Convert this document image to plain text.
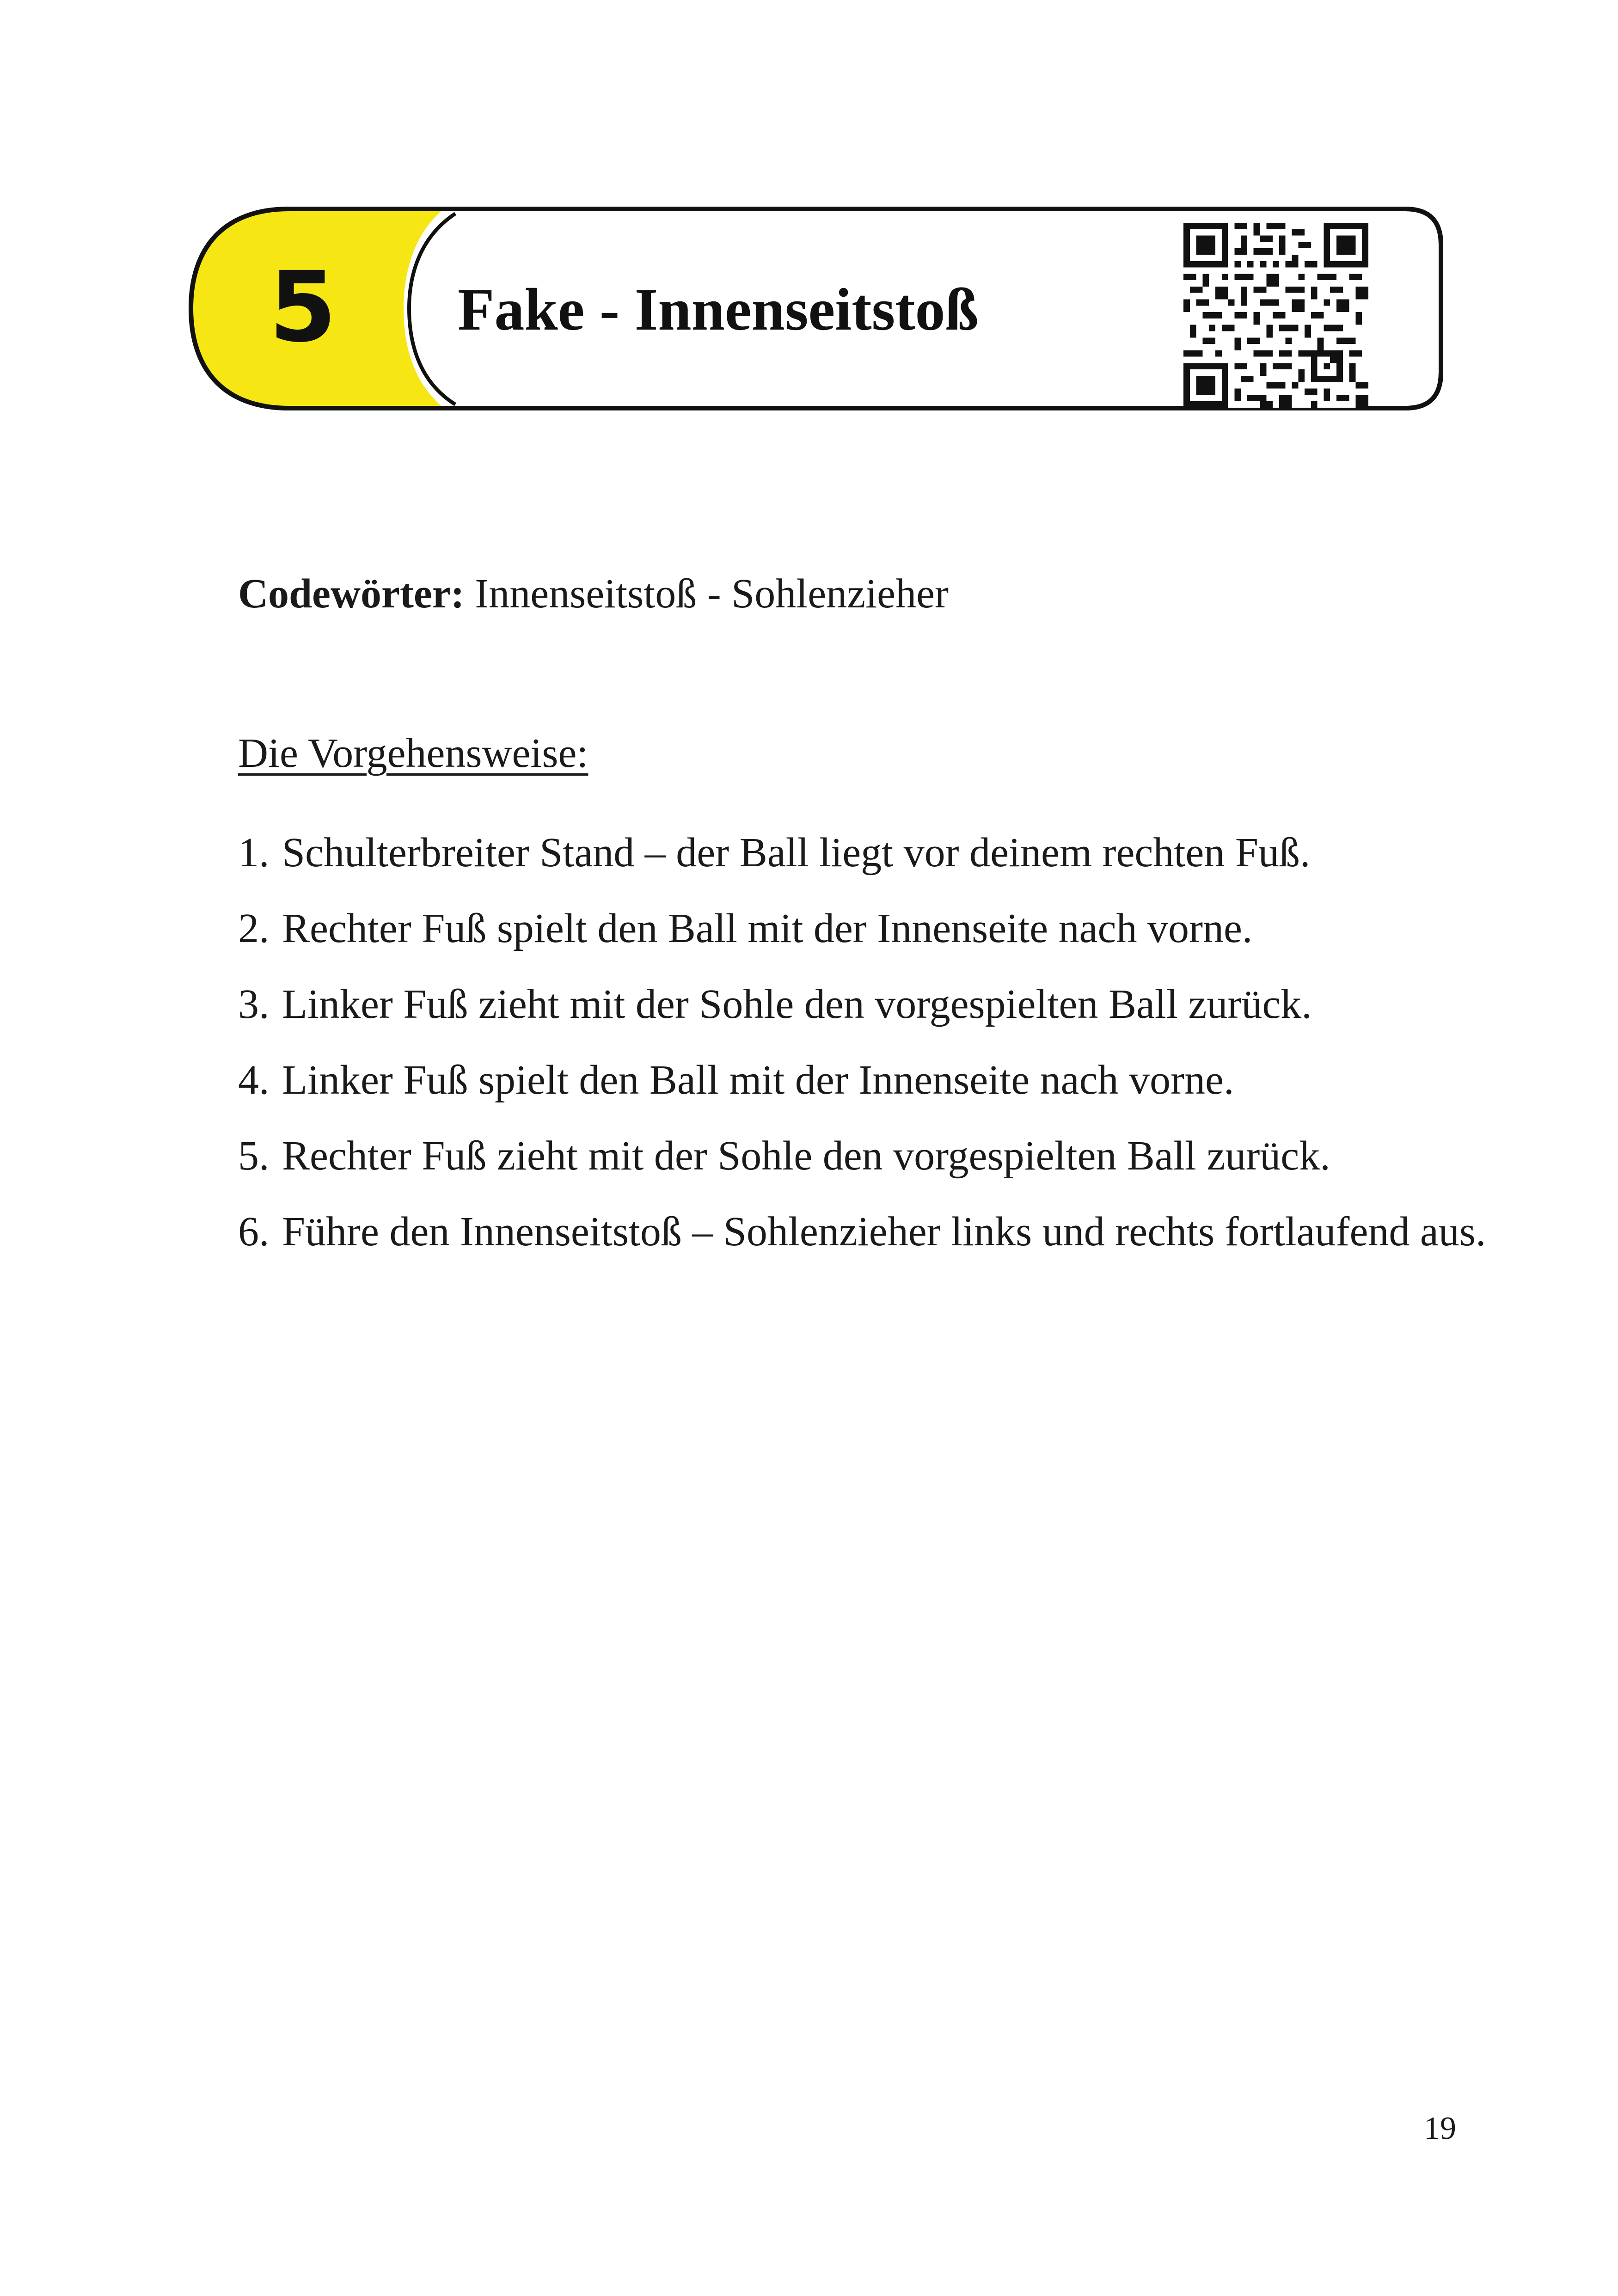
5	Fake - Innenseitstoß
Codewörter: Innenseitstoß - Sohlenzieher
Die Vorgehensweise:
1. Schulterbreiter Stand – der Ball liegt vor deinem rechten Fuß.
2. Rechter Fuß spielt den Ball mit der Innenseite nach vorne.
3. Linker Fuß zieht mit der Sohle den vorgespielten Ball zurück.
4. Linker Fuß spielt den Ball mit der Innenseite nach vorne.
5. Rechter Fuß zieht mit der Sohle den vorgespielten Ball zurück.
6. Führe den Innenseitstoß – Sohlenzieher links und rechts fortlaufend aus.
19
